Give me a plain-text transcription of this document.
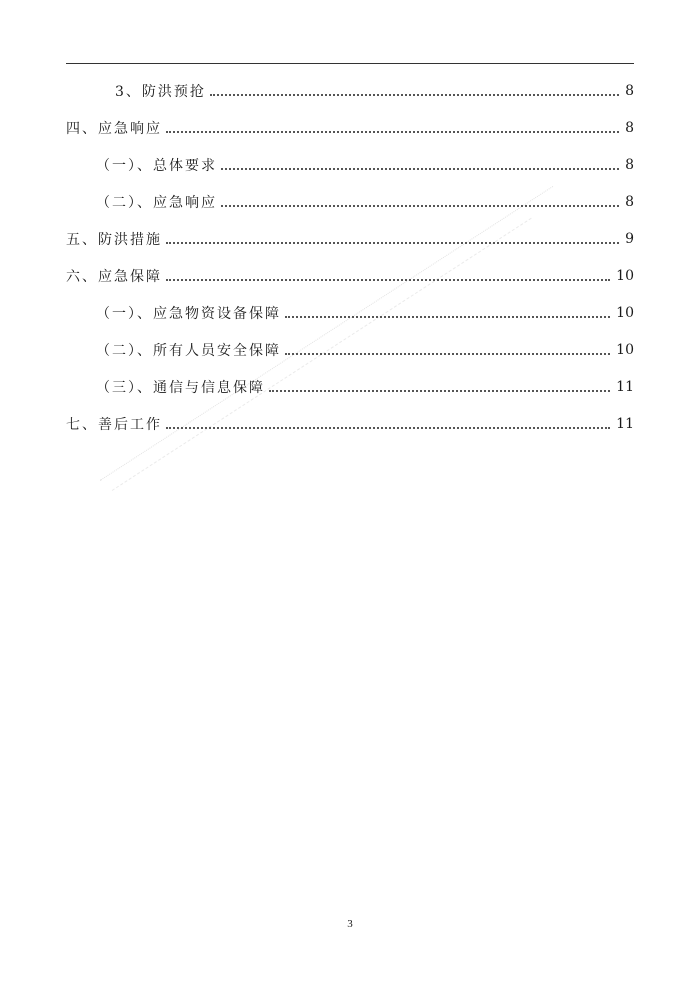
3、防洪预抢	8
四、应急响应	8
（一）、总体要求	8
（二）、应急响应	8
五、防洪措施	9
六、应急保障	10
（一）、应急物资设备保障	10
（二）、所有人员安全保障	10
（三）、通信与信息保障	11
七、善后工作	11
3
